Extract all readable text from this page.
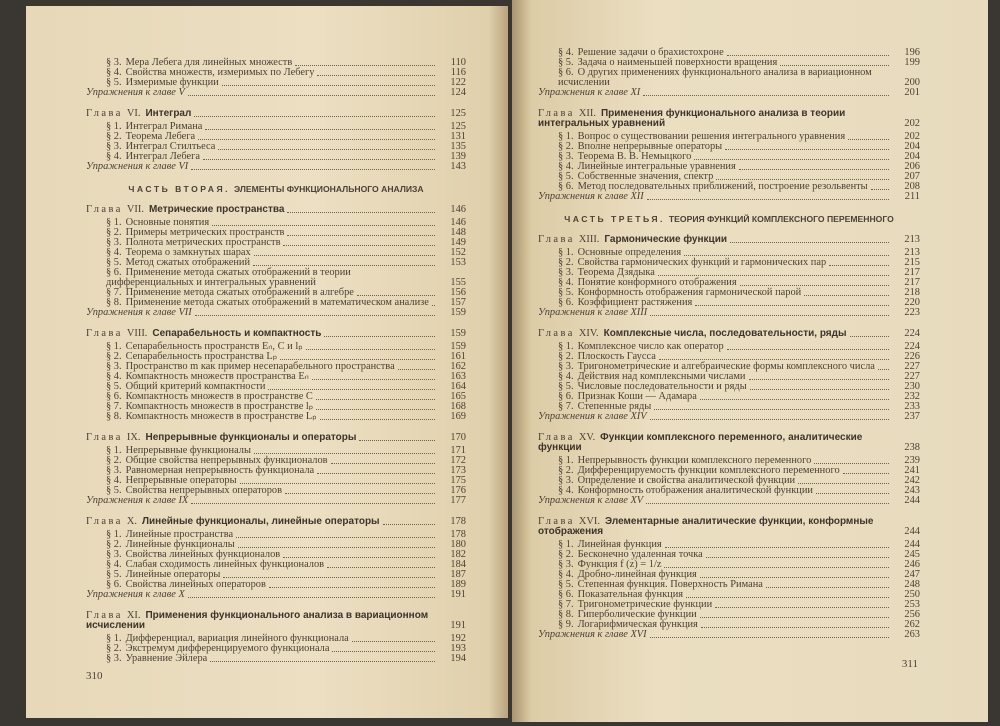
§ 3. Мера Лебега для линейных множеств	110
§ 4. Свойства множеств, измеримых по Лебегу	116
§ 5. Измеримые функции	122
Упражнения к главе V	124
Глава VI. Интеграл	125
§ 1. Интеграл Римана	125
§ 2. Теорема Лебега	131
§ 3. Интеграл Стилтьеса	135
§ 4. Интеграл Лебега	139
Упражнения к главе VI	143
ЧАСТЬ ВТОРАЯ. ЭЛЕМЕНТЫ ФУНКЦИОНАЛЬНОГО АНАЛИЗА
Глава VII. Метрические пространства	146
§ 1. Основные понятия	146
§ 2. Примеры метрических пространств	148
§ 3. Полнота метрических пространств	149
§ 4. Теорема о замкнутых шарах	152
§ 5. Метод сжатых отображений	153
§ 6. Применение метода сжатых отображений в теории дифференциальных и интегральных уравнений	155
§ 7. Применение метода сжатых отображений в алгебре	156
§ 8. Применение метода сжатых отображений в математическом анализе	157
Упражнения к главе VII	159
Глава VIII. Сепарабельность и компактность	159
§ 1. Сепарабельность пространств Eₙ, C и lₚ	159
§ 2. Сепарабельность пространства Lₚ	161
§ 3. Пространство m как пример несепарабельного пространства	162
§ 4. Компактность множеств пространства Eₙ	163
§ 5. Общий критерий компактности	164
§ 6. Компактность множеств в пространстве C	165
§ 7. Компактность множеств в пространстве lₚ	168
§ 8. Компактность множеств в пространстве Lₚ	169
Глава IX. Непрерывные функционалы и операторы	170
§ 1. Непрерывные функционалы	171
§ 2. Общие свойства непрерывных функционалов	172
§ 3. Равномерная непрерывность функционала	173
§ 4. Непрерывные операторы	175
§ 5. Свойства непрерывных операторов	176
Упражнения к главе IX	177
Глава X. Линейные функционалы, линейные операторы	178
§ 1. Линейные пространства	178
§ 2. Линейные функционалы	180
§ 3. Свойства линейных функционалов	182
§ 4. Слабая сходимость линейных функционалов	184
§ 5. Линейные операторы	187
§ 6. Свойства линейных операторов	189
Упражнения к главе X	191
Глава XI. Применения функционального анализа в вариационном исчислении	191
§ 1. Дифференциал, вариация линейного функционала	192
§ 2. Экстремум дифференцируемого функционала	193
§ 3. Уравнение Эйлера	194
310
§ 4. Решение задачи о брахистохроне	196
§ 5. Задача о наименьшей поверхности вращения	199
§ 6. О других применениях функционального анализа в вариационном исчислении	200
Упражнения к главе XI	201
Глава XII. Применения функционального анализа в теории интегральных уравнений	202
§ 1. Вопрос о существовании решения интегрального уравнения	202
§ 2. Вполне непрерывные операторы	204
§ 3. Теорема В. В. Немыцкого	204
§ 4. Линейные интегральные уравнения	206
§ 5. Собственные значения, спектр	207
§ 6. Метод последовательных приближений, построение резольвенты	208
Упражнения к главе XII	211
ЧАСТЬ ТРЕТЬЯ. ТЕОРИЯ ФУНКЦИЙ КОМПЛЕКСНОГО ПЕРЕМЕННОГО
Глава XIII. Гармонические функции	213
§ 1. Основные определения	213
§ 2. Свойства гармонических функций и гармонических пар	215
§ 3. Теорема Дзядыка	217
§ 4. Понятие конформного отображения	217
§ 5. Конформность отображения гармонической парой	218
§ 6. Коэффициент растяжения	220
Упражнения к главе XIII	223
Глава XIV. Комплексные числа, последовательности, ряды	224
§ 1. Комплексное число как оператор	224
§ 2. Плоскость Гаусса	226
§ 3. Тригонометрические и алгебраические формы комплексного числа	227
§ 4. Действия над комплексными числами	227
§ 5. Числовые последовательности и ряды	230
§ 6. Признак Коши — Адамара	232
§ 7. Степенные ряды	233
Упражнения к главе XIV	237
Глава XV. Функции комплексного переменного, аналитические функции	238
§ 1. Непрерывность функции комплексного переменного	239
§ 2. Дифференцируемость функции комплексного переменного	241
§ 3. Определение и свойства аналитической функции	242
§ 4. Конформность отображения аналитической функции	243
Упражнения к главе XV	244
Глава XVI. Элементарные аналитические функции, конформные отображения	244
§ 1. Линейная функция	244
§ 2. Бесконечно удаленная точка	245
§ 3. Функция f (z) = 1/z	246
§ 4. Дробно-линейная функция	247
§ 5. Степенная функция. Поверхность Римана	248
§ 6. Показательная функция	250
§ 7. Тригонометрические функции	253
§ 8. Гиперболические функции	256
§ 9. Логарифмическая функция	262
Упражнения к главе XVI	263
311
